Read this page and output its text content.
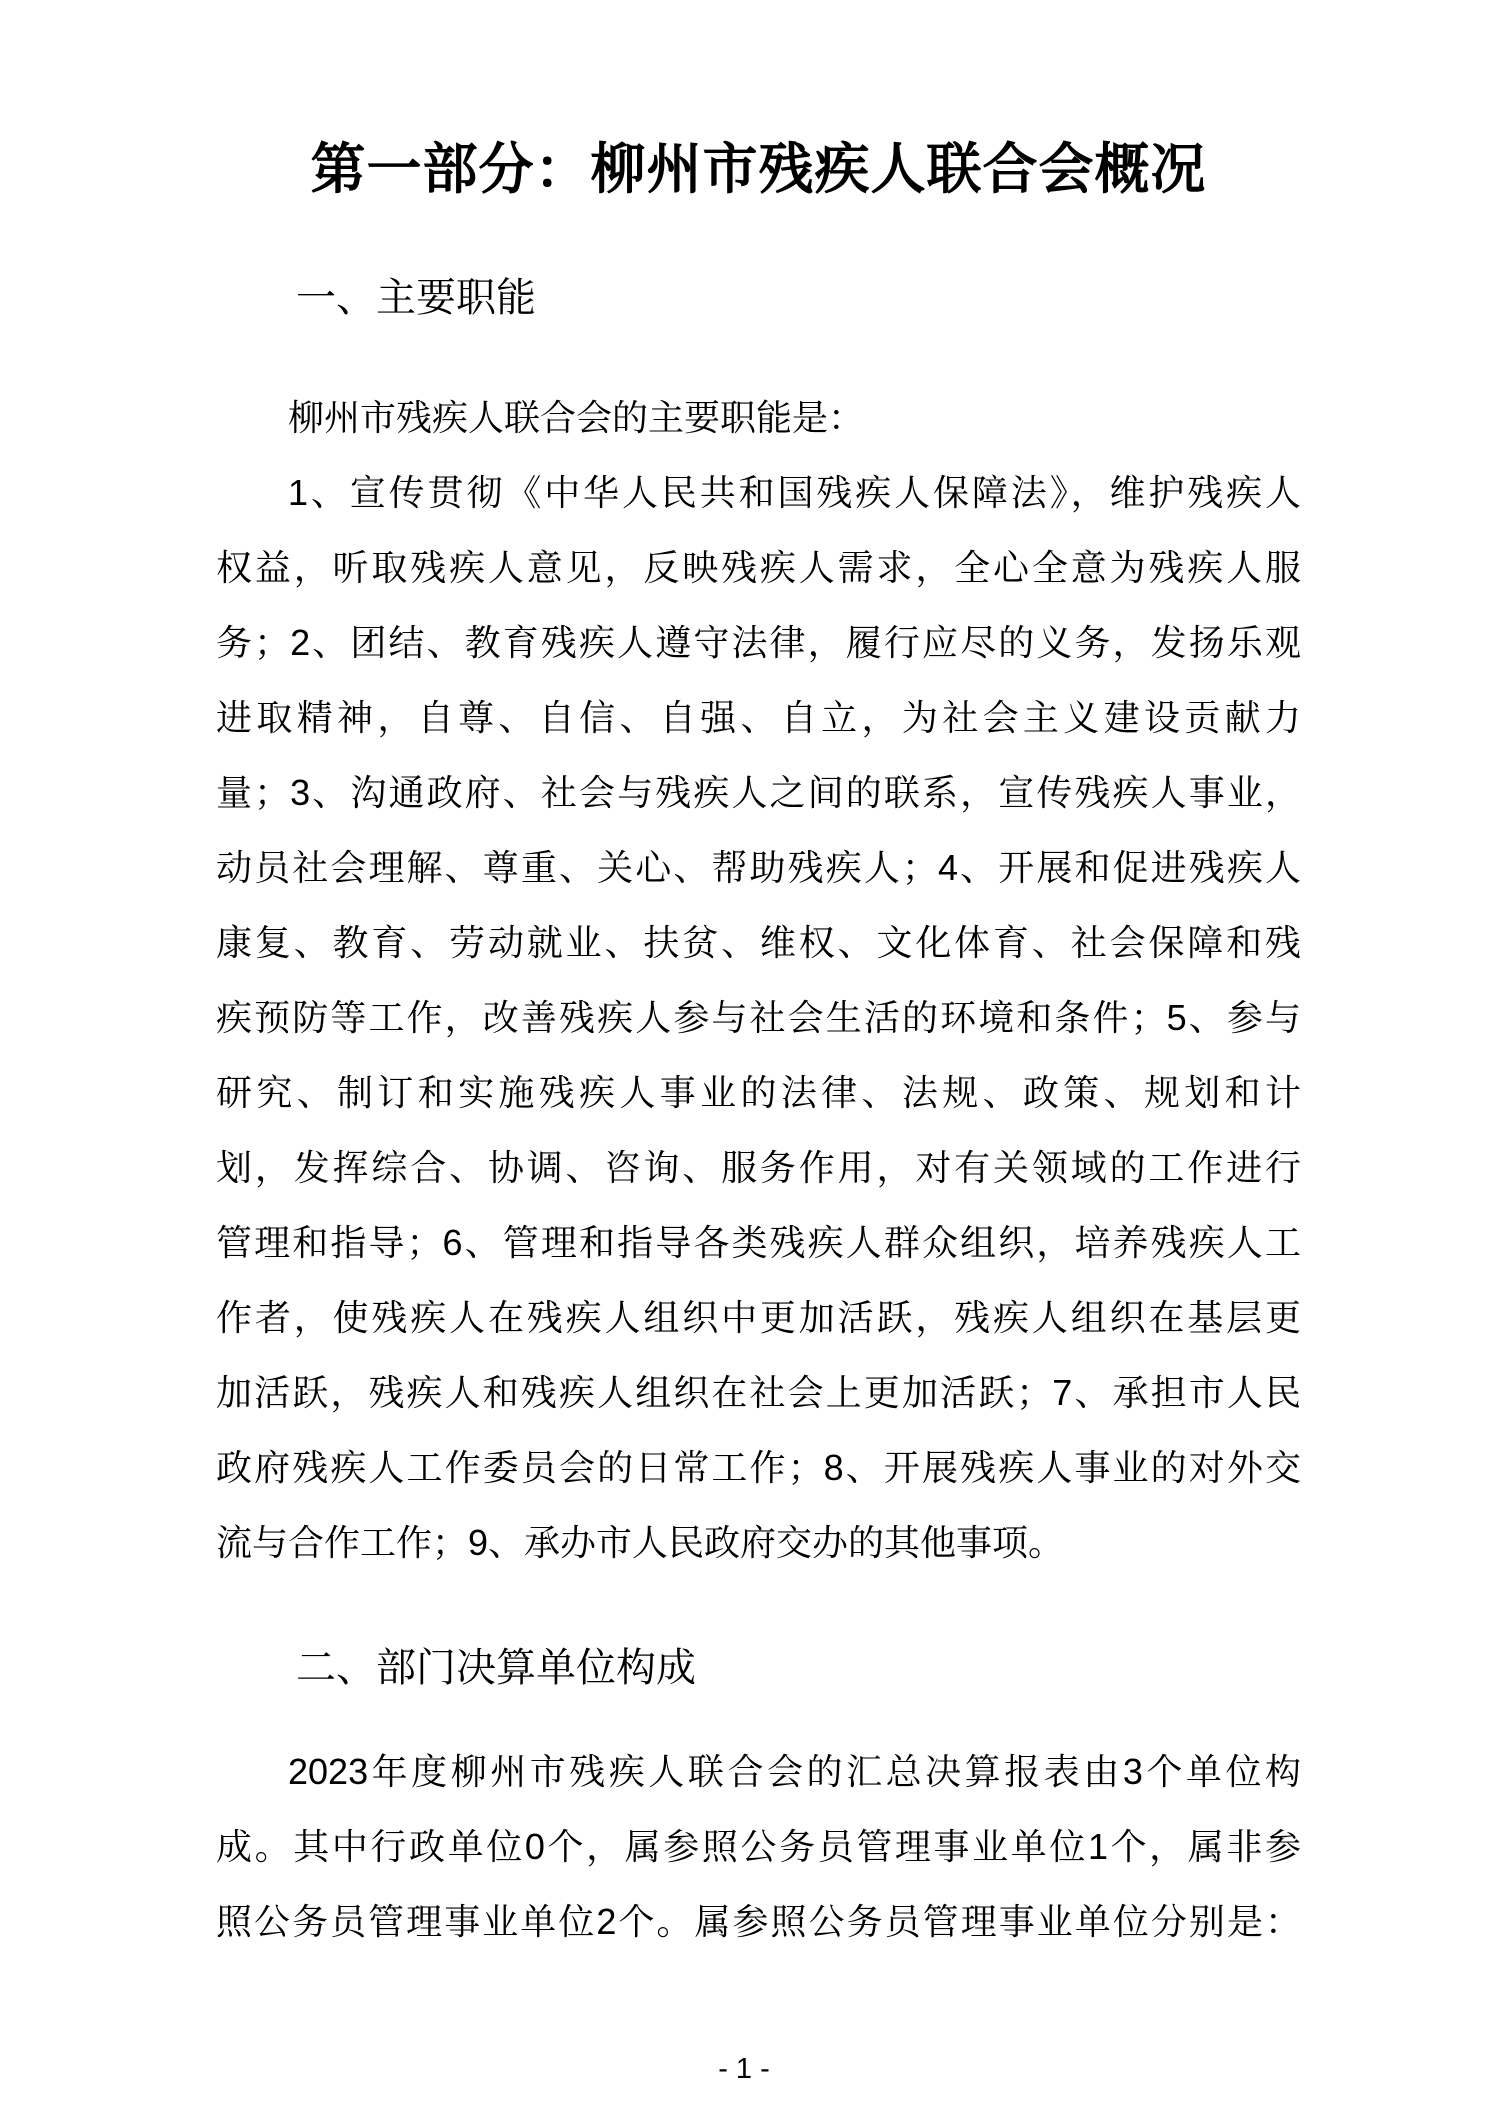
第一部分：柳州市残疾人联合会概况
一、主要职能
柳州市残疾人联合会的主要职能是：
1、宣传贯彻《中华人民共和国残疾人保障法》，维护残疾人
权益，听取残疾人意见，反映残疾人需求，全心全意为残疾人服
务；2、团结、教育残疾人遵守法律，履行应尽的义务，发扬乐观
进取精神，自尊、自信、自强、自立，为社会主义建设贡献力
量；3、沟通政府、社会与残疾人之间的联系，宣传残疾人事业，
动员社会理解、尊重、关心、帮助残疾人；4、开展和促进残疾人
康复、教育、劳动就业、扶贫、维权、文化体育、社会保障和残
疾预防等工作，改善残疾人参与社会生活的环境和条件；5、参与
研究、制订和实施残疾人事业的法律、法规、政策、规划和计
划，发挥综合、协调、咨询、服务作用，对有关领域的工作进行
管理和指导；6、管理和指导各类残疾人群众组织，培养残疾人工
作者，使残疾人在残疾人组织中更加活跃，残疾人组织在基层更
加活跃，残疾人和残疾人组织在社会上更加活跃；7、承担市人民
政府残疾人工作委员会的日常工作；8、开展残疾人事业的对外交
流与合作工作；9、承办市人民政府交办的其他事项。
二、部门决算单位构成
2023年度柳州市残疾人联合会的汇总决算报表由3个单位构
成。其中行政单位0个，属参照公务员管理事业单位1个，属非参
照公务员管理事业单位2个。属参照公务员管理事业单位分别是：
- 1 -
